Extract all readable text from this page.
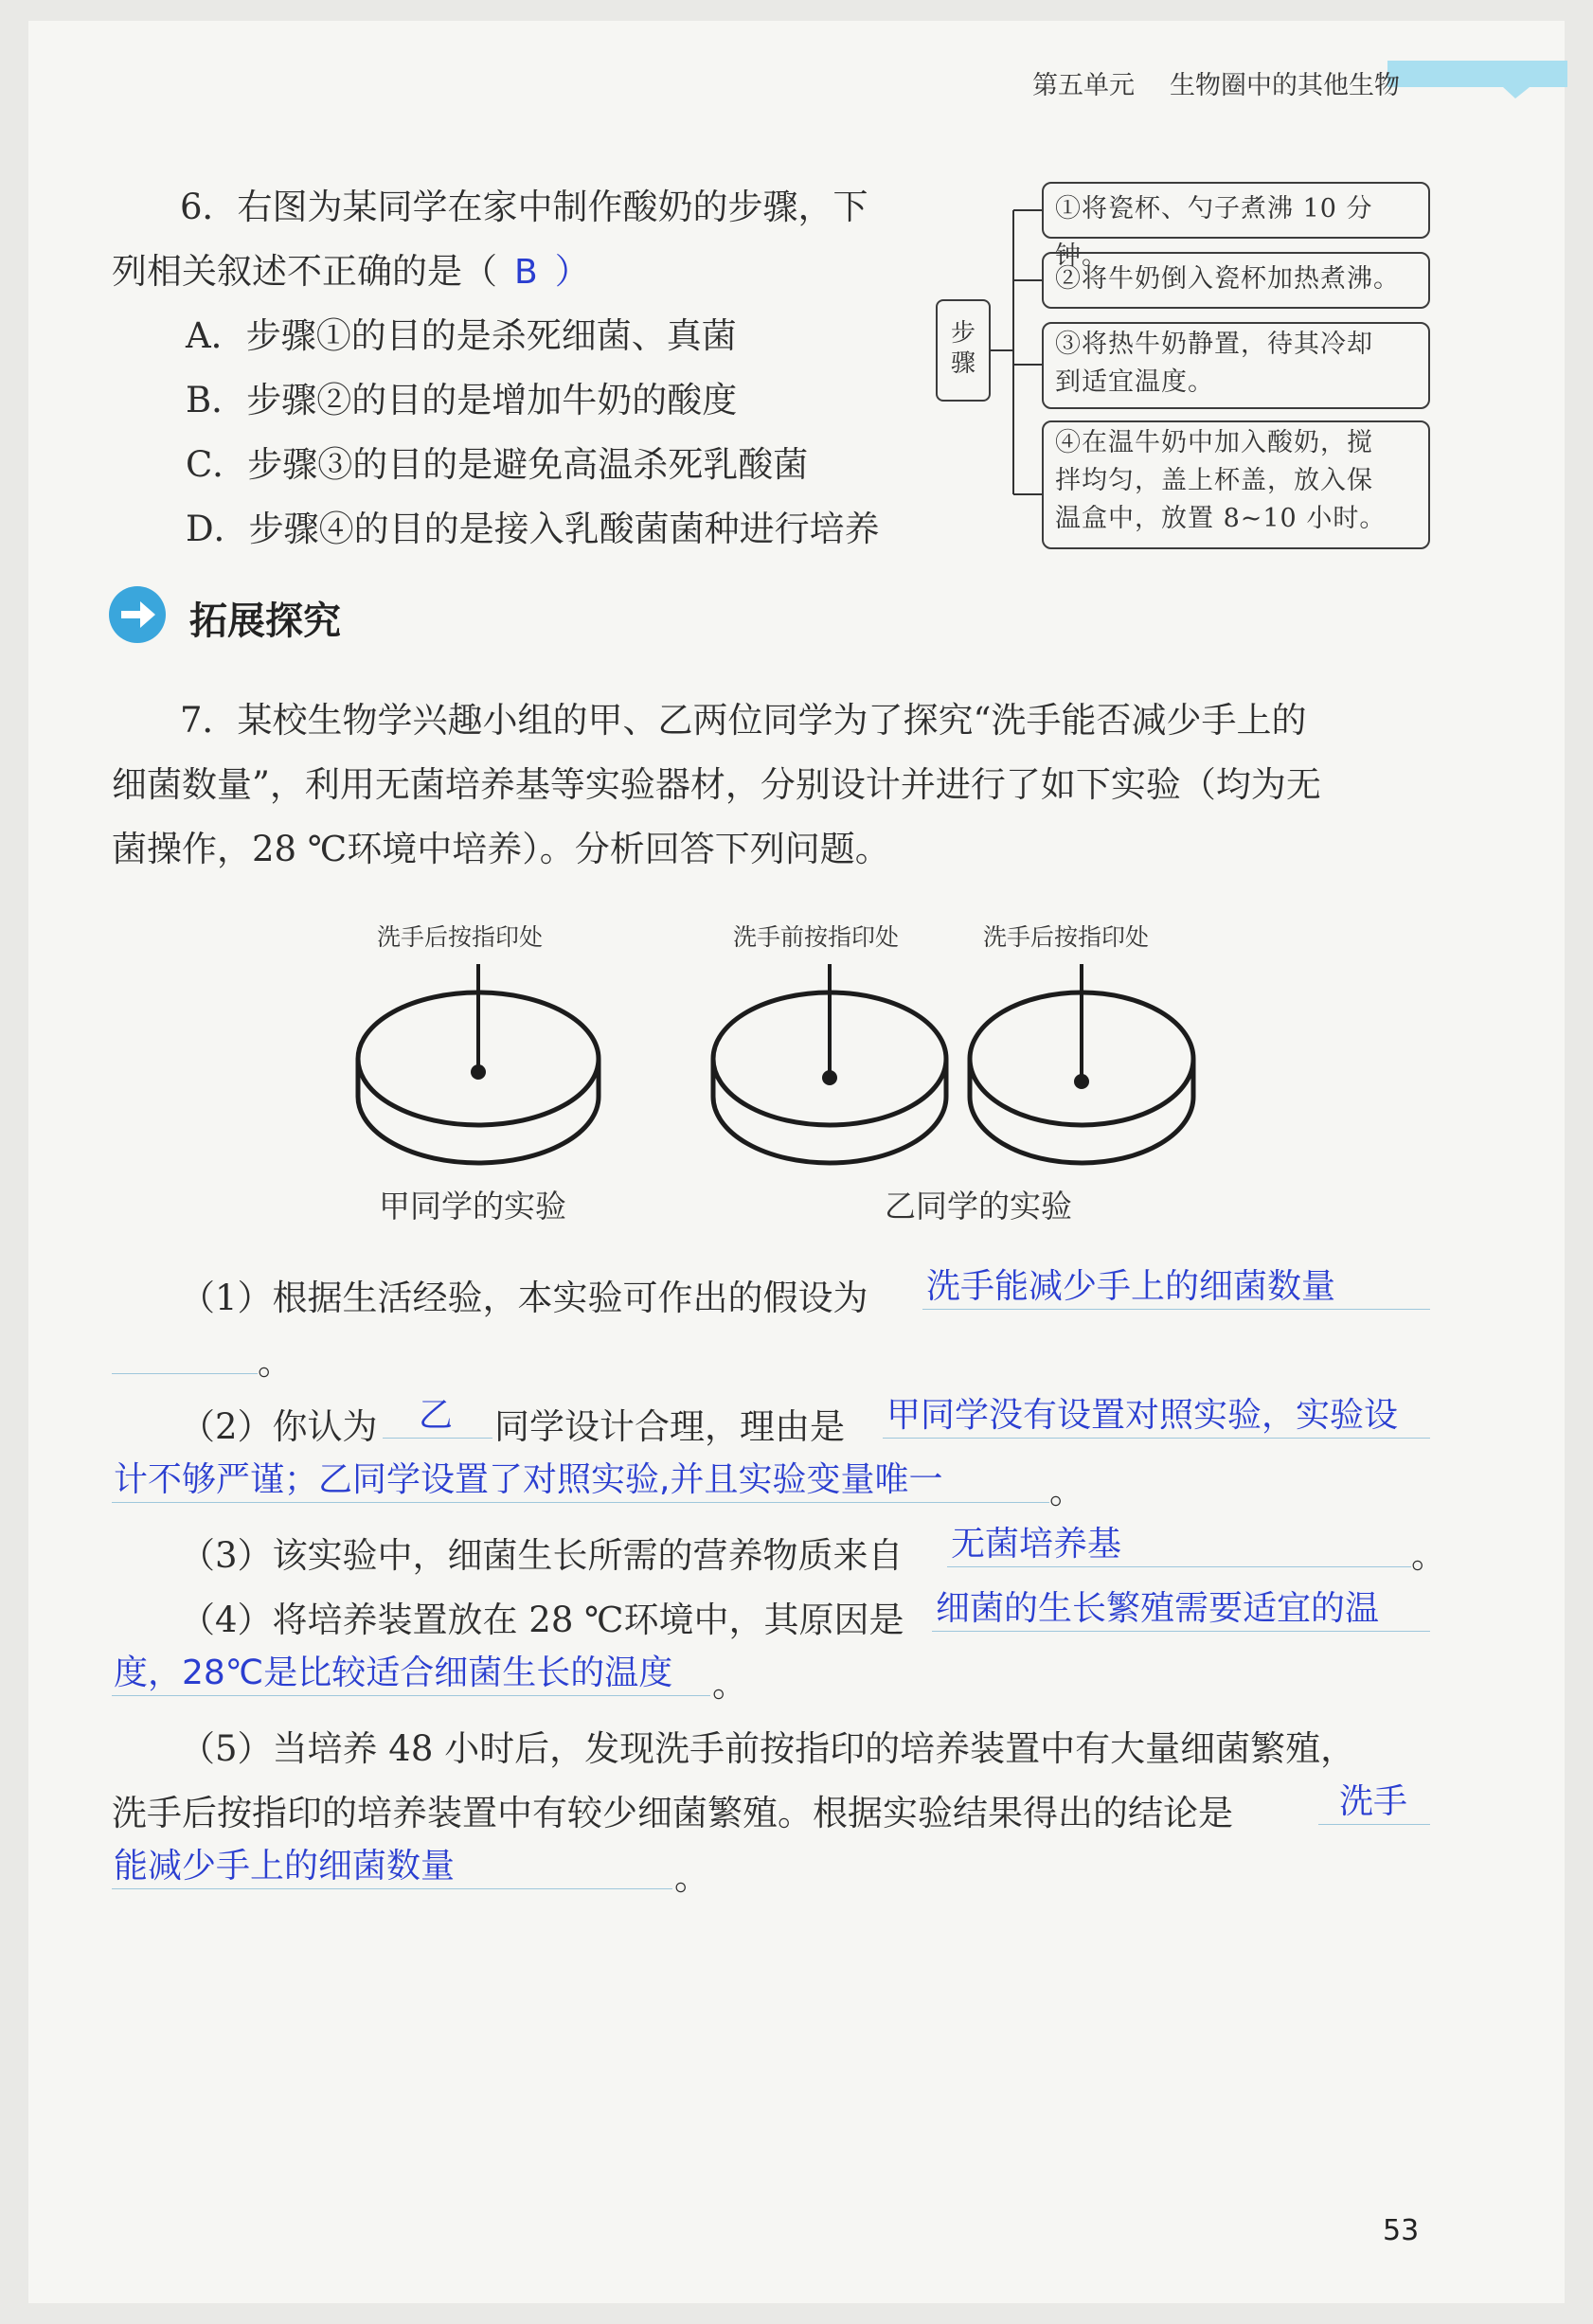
第五单元 生物圈中的其他生物
6．右图为某同学在家中制作酸奶的步骤，下
列相关叙述不正确的是（ B ）
A．步骤①的目的是杀死细菌、真菌
B．步骤②的目的是增加牛奶的酸度
C．步骤③的目的是避免高温杀死乳酸菌
D．步骤④的目的是接入乳酸菌菌种进行培养
步
骤
①将瓷杯、勺子煮沸 10 分钟。
②将牛奶倒入瓷杯加热煮沸。
③将热牛奶静置，待其冷却
到适宜温度。
④在温牛奶中加入酸奶，搅
拌均匀，盖上杯盖，放入保
温盒中，放置 8~10 小时。
拓展探究
7．某校生物学兴趣小组的甲、乙两位同学为了探究“洗手能否减少手上的
细菌数量”，利用无菌培养基等实验器材，分别设计并进行了如下实验（均为无
菌操作，28 ℃环境中培养）。分析回答下列问题。
洗手后按指印处	洗手前按指印处	洗手后按指印处
甲同学的实验	乙同学的实验
（1）根据生活经验，本实验可作出的假设为 洗手能减少手上的细菌数量
。
（2）你认为 乙 同学设计合理，理由是 甲同学没有设置对照实验，实验设
计不够严谨；乙同学设置了对照实验,并且实验变量唯一	。
（3）该实验中，细菌生长所需的营养物质来自 无菌培养基	。
（4）将培养装置放在 28 ℃环境中，其原因是 细菌的生长繁殖需要适宜的温
度，28℃是比较适合细菌生长的温度 。
（5）当培养 48 小时后，发现洗手前按指印的培养装置中有大量细菌繁殖，
洗手后按指印的培养装置中有较少细菌繁殖。根据实验结果得出的结论是	洗手
能减少手上的细菌数量	。
53
